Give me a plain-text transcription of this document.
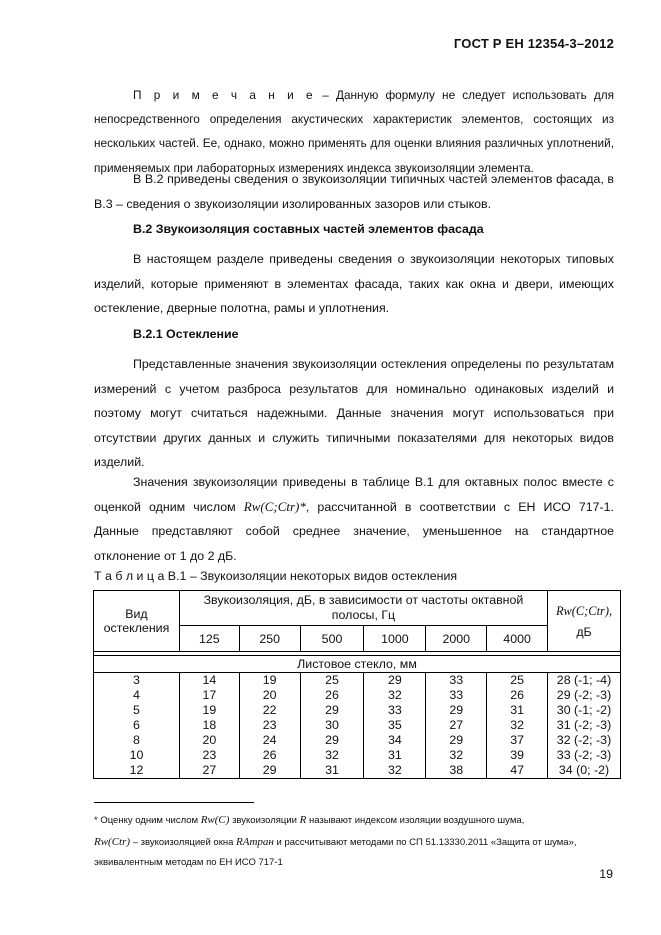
ГОСТ Р ЕН 12354-3–2012
П р и м е ч а н и е – Данную формулу не следует использовать для непосредственного определения акустических характеристик элементов, состоящих из нескольких частей. Ее, однако, можно применять для оценки влияния различных уплотнений, применяемых при лабораторных измерениях индекса звукоизоляции элемента.
В В.2 приведены сведения о звукоизоляции типичных частей элементов фасада, в В.3 – сведения о звукоизоляции изолированных зазоров или стыков.
В.2 Звукоизоляция составных частей элементов фасада
В настоящем разделе приведены сведения о звукоизоляции некоторых типовых изделий, которые применяют в элементах фасада, таких как окна и двери, имеющих остекление, дверные полотна, рамы и уплотнения.
В.2.1 Остекление
Представленные значения звукоизоляции остекления определены по результатам измерений с учетом разброса результатов для номинально одинаковых изделий и поэтому могут считаться надежными. Данные значения могут использоваться при отсутствии других данных и служить типичными показателями для некоторых видов изделий.
Значения звукоизоляции приведены в таблице В.1 для октавных полос вместе с оценкой одним числом Rw(C;Ctr)*, рассчитанной в соответствии с ЕН ИСО 717-1. Данные представляют собой среднее значение, уменьшенное на стандартное отклонение от 1 до 2 дБ.
Т а б л и ц а В.1 – Звукоизоляции некоторых видов остекления
Вид остекления	Звукоизоляция, дБ, в зависимости от частоты октавной полосы, Гц						Rw(C;Ctr),
дБ

	125	250	500	1000	2000	4000	

Листовое стекло, мм							
3	14	19	25	29	33	25	28 (-1; -4)
4	17	20	26	32	33	26	29 (-2; -3)
5	19	22	29	33	29	31	30 (-1; -2)
6	18	23	30	35	27	32	31 (-2; -3)
8	20	24	29	34	29	37	32 (-2; -3)
10	23	26	32	31	32	39	33 (-2; -3)
12	27	29	31	32	38	47	34 (0; -2)
* Оценку одним числом Rw(C) звукоизоляции R называют индексом изоляции воздушного шума,
Rw(Ctr) – звукоизоляцией окна RАтран и рассчитывают методами по СП 51.13330.2011 «Защита от шума», эквивалентным методам по ЕН ИСО 717-1
19
